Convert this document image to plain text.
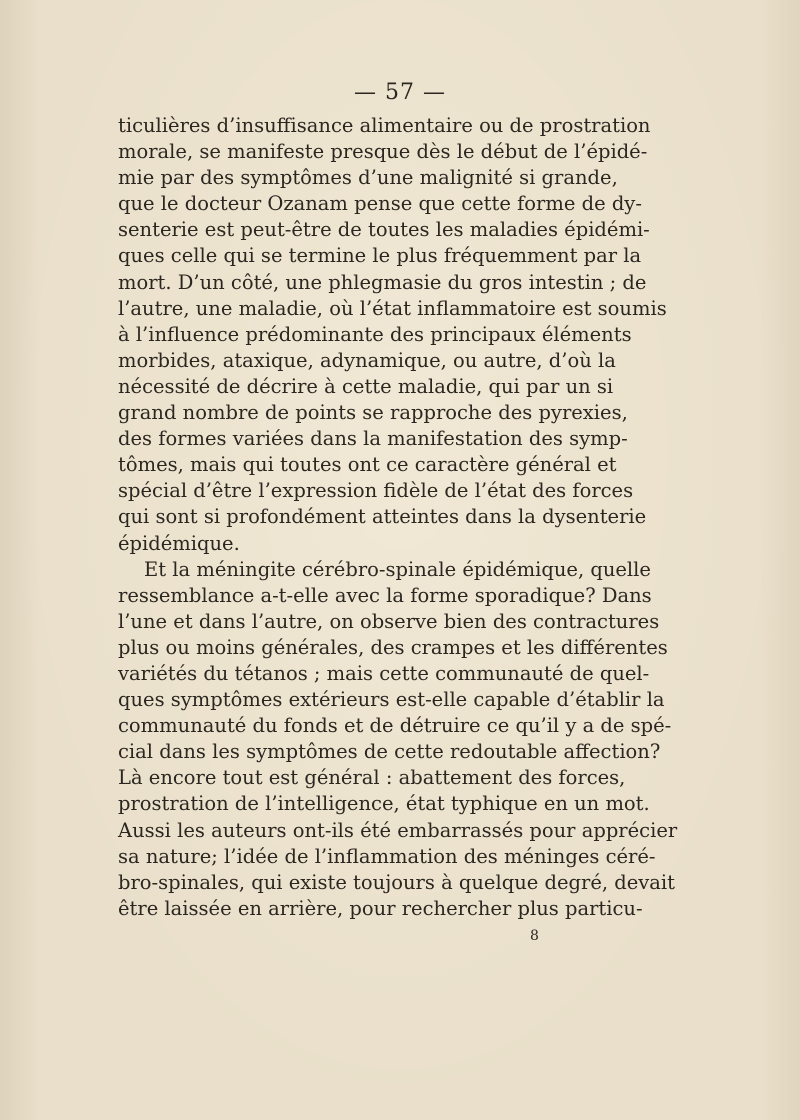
— 57 —
ticulières d’insuffisance alimentaire ou de prostration
morale, se manifeste presque dès le début de l’épidé-
mie par des symptômes d’une malignité si grande,
que le docteur Ozanam pense que cette forme de dy-
senterie est peut-être de toutes les maladies épidémi-
ques celle qui se termine le plus fréquemment par la
mort. D’un côté, une phlegmasie du gros intestin ; de
l’autre, une maladie, où l’état inflammatoire est soumis
à l’influence prédominante des principaux éléments
morbides, ataxique, adynamique, ou autre, d’où la
nécessité de décrire à cette maladie, qui par un si
grand nombre de points se rapproche des pyrexies,
des formes variées dans la manifestation des symp-
tômes, mais qui toutes ont ce caractère général et
spécial d’être l’expression fidèle de l’état des forces
qui sont si profondément atteintes dans la dysenterie
épidémique.
Et la méningite cérébro-spinale épidémique, quelle
ressemblance a-t-elle avec la forme sporadique? Dans
l’une et dans l’autre, on observe bien des contractures
plus ou moins générales, des crampes et les différentes
variétés du tétanos ; mais cette communauté de quel-
ques symptômes extérieurs est-elle capable d’établir la
communauté du fonds et de détruire ce qu’il y a de spé-
cial dans les symptômes de cette redoutable affection?
Là encore tout est général : abattement des forces,
prostration de l’intelligence, état typhique en un mot.
Aussi les auteurs ont-ils été embarrassés pour apprécier
sa nature; l’idée de l’inflammation des méninges céré-
bro-spinales, qui existe toujours à quelque degré, devait
être laissée en arrière, pour rechercher plus particu-
8
